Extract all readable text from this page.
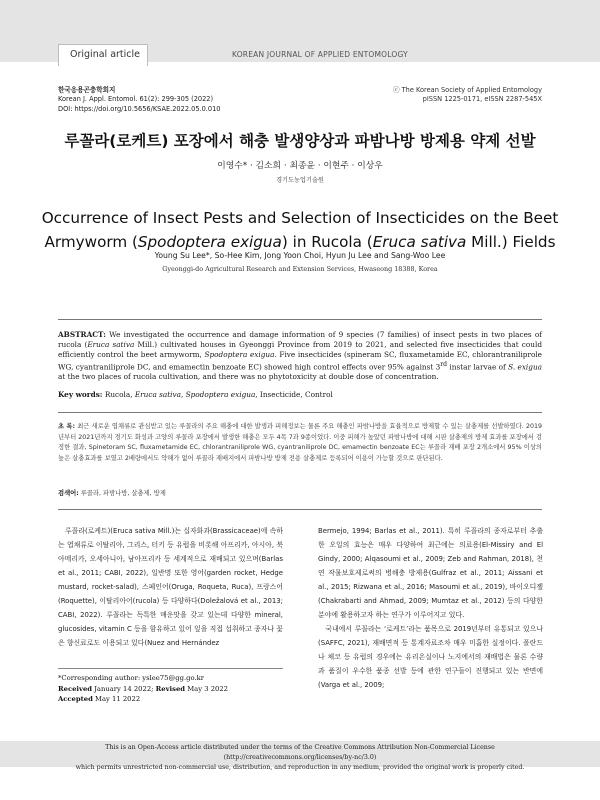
Original article	KOREAN JOURNAL OF APPLIED ENTOMOLOGY
한국응용곤충학회지
Korean J. Appl. Entomol. 61(2): 299-305 (2022)
DOI: https://doi.org/10.5656/KSAE.2022.05.0.010
ⓒ The Korean Society of Applied Entomology
pISSN 1225-0171, eISSN 2287-545X
루꼴라(로케트) 포장에서 해충 발생양상과 파밤나방 방제용 약제 선발
이영수* · 김소희 · 최종윤 · 이현주 · 이상우
경기도농업기술원
Occurrence of Insect Pests and Selection of Insecticides on the Beet
Armyworm (Spodoptera exigua) in Rucola (Eruca sativa Mill.) Fields
Young Su Lee*, So-Hee Kim, Jong Yoon Choi, Hyun Ju Lee and Sang-Woo Lee
Gyeonggi-do Agricultural Research and Extension Services, Hwaseong 18388, Korea
ABSTRACT: We investigated the occurrence and damage information of 9 species (7 families) of insect pests in two places of rucola (Eruca sativa Mill.) cultivated houses in Gyeonggi Province from 2019 to 2021, and selected five insecticides that could efficiently control the beet armyworm, Spodoptera exigua. Five insecticides (spineram SC, fluxametamide EC, chlorantraniliprole WG, cyantraniliprole DC, and emamectin benzoate EC) showed high control effects over 95% against 3rd instar larvae of S. exigua at the two places of rucola cultivation, and there was no phytotoxicity at double dose of concentration.
Key words: Rucola, Eruca sativa, Spodoptera exigua, Insecticide, Control
초 록: 최근 새로운 엽채류로 관심받고 있는 루꼴라의 주요 해충에 대한 발생과 피해정보는 물론 주요 해충인 파밤나방을 효율적으로 방제할 수 있는 살충제를 선발하였다. 2019년부터 2021년까지 경기도 화성과 고양의 루꼴라 포장에서 발생한 해충은 모두 4목 7과 9종이었다. 이중 피해가 높았던 파밤나방에 대해 시판 살충제의 방제 효과를 포장에서 검정한 결과, Spinetoram SC, fluxametamide EC, chlorantraniliprole WG, cyantraniliprole DC, emamectin benzoate EC는 루꼴라 재배 포장 2개소에서 95% 이상의 높은 살충효과를 보였고 2배량에서도 약해가 없어 루꼴라 재배지에서 파밤나방 방제 전용 살충제로 등록되어 이용이 가능할 것으로 판단된다.
검색어: 루꼴라, 파밤나방, 살충제, 방제

　루꼴라(로케트)(Eruca sativa Mill.)는 십자화과(Brassicaceae)에 속하는 엽채류로 이탈리아, 그리스, 터키 등 유럽을 비롯해 아프리카, 아시아, 북아메리카, 오세아니아, 남아프리카 등 세계적으로 재배되고 있으며(Barlas et al., 2011; CABI, 2022), 일반명 또한 영어(garden rocket, Hedge mustard, rocket-salad), 스페인어(Oruga, Roqueta, Ruca), 프랑스어(Roquette), 이탈리아어(rucola) 등 다양하다(Doležalová et al., 2013; CABI, 2022). 루꼴라는 독특한 매운맛을 갖고 있는데 다양한 mineral, glucosides, vitamin C 등을 함유하고 있어 잎을 직접 섭취하고 종자나 꽃은 향신료로도 이용되고 있다(Nuez and Hernández

Bermejo, 1994; Barlas et al., 2011). 특히 루꼴라의 종자로부터 추출한 오일의 효능은 매우 다양하여 최근에는 의료용(El-Missiry and El Gindy, 2000; Alqasoumi et al., 2009; Zeb and Rahman, 2018), 천연 작물보호제로써의 병해충 방제용(Gulfraz et al., 2011; Aissani et al., 2015; Rizwana et al., 2016; Masoumi et al., 2019), 바이오디젤(Chakrabarti and Ahmad, 2009; Mumtaz et al., 2012) 등의 다양한 분야에 활용하고자 하는 연구가 이루어지고 있다.

　국내에서 루꼴라는 ‘로케트’라는 품목으로 2019년부터 유통되고 있으나(SAFFC, 2021), 재배면적 등 통계자료조차 매우 미흡한 실정이다. 폴란드나 체코 등 유럽의 경우에는 유리온실이나 노지에서의 재배법은 물론 수량과 품질이 우수한 품종 선발 등에 관한 연구들이 진행되고 있는 반면에(Varga et al., 2009;

*Corresponding author: yslee75@gg.go.kr
Received January 14 2022; Revised May 3 2022
Accepted May 11 2022
This is an Open-Access article distributed under the terms of the Creative Commons Attribution Non-Commercial License (http://creativecommons.org/licenses/by-nc/3.0)
which permits unrestricted non-commercial use, distribution, and reproduction in any medium, provided the original work is properly cited.
